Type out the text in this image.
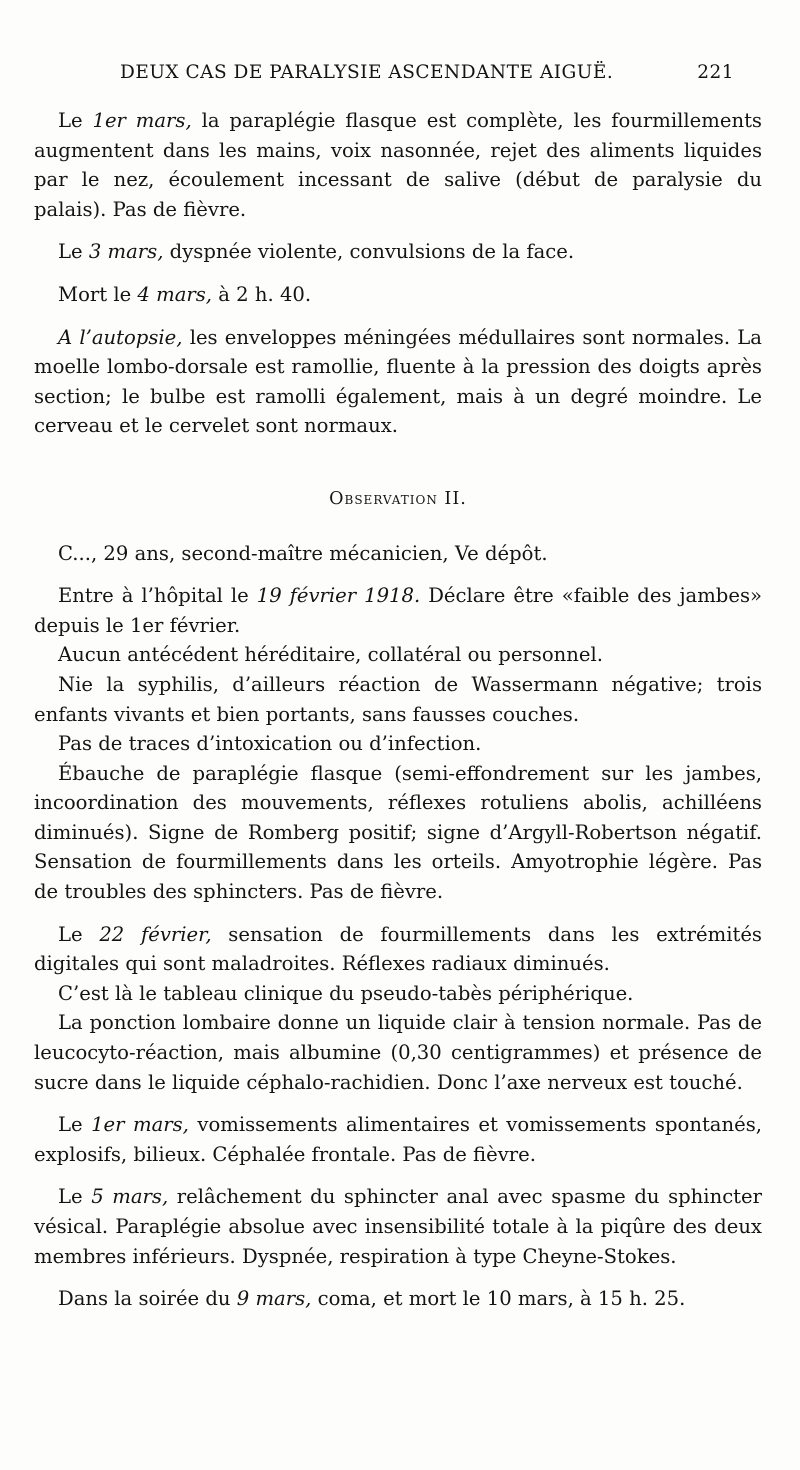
DEUX CAS DE PARALYSIE ASCENDANTE AIGUË.	221

Le 1er mars, la paraplégie flasque est complète, les fourmillements augmentent dans les mains, voix nasonnée, rejet des aliments liquides par le nez, écoulement incessant de salive (début de paralysie du palais). Pas de fièvre.

Le 3 mars, dyspnée violente, convulsions de la face.

Mort le 4 mars, à 2 h. 40.

A l’autopsie, les enveloppes méningées médullaires sont normales. La moelle lombo-dorsale est ramollie, fluente à la pression des doigts après section; le bulbe est ramolli également, mais à un degré moindre. Le cerveau et le cervelet sont normaux.

Observation II.

C..., 29 ans, second-maître mécanicien, Ve dépôt.

Entre à l’hôpital le 19 février 1918. Déclare être «faible des jambes» depuis le 1er février.

Aucun antécédent héréditaire, collatéral ou personnel.

Nie la syphilis, d’ailleurs réaction de Wassermann négative; trois enfants vivants et bien portants, sans fausses couches.

Pas de traces d’intoxication ou d’infection.

Ébauche de paraplégie flasque (semi-effondrement sur les jambes, incoordination des mouvements, réflexes rotuliens abolis, achilléens diminués). Signe de Romberg positif; signe d’Argyll-Robertson négatif. Sensation de fourmillements dans les orteils. Amyotrophie légère. Pas de troubles des sphincters. Pas de fièvre.

Le 22 février, sensation de fourmillements dans les extrémités digitales qui sont maladroites. Réflexes radiaux diminués.

C’est là le tableau clinique du pseudo-tabès périphérique.

La ponction lombaire donne un liquide clair à tension normale. Pas de leucocyto-réaction, mais albumine (0,30 centigrammes) et présence de sucre dans le liquide céphalo-rachidien. Donc l’axe nerveux est touché.

Le 1er mars, vomissements alimentaires et vomissements spontanés, explosifs, bilieux. Céphalée frontale. Pas de fièvre.

Le 5 mars, relâchement du sphincter anal avec spasme du sphincter vésical. Paraplégie absolue avec insensibilité totale à la piqûre des deux membres inférieurs. Dyspnée, respiration à type Cheyne-Stokes.

Dans la soirée du 9 mars, coma, et mort le 10 mars, à 15 h. 25.
